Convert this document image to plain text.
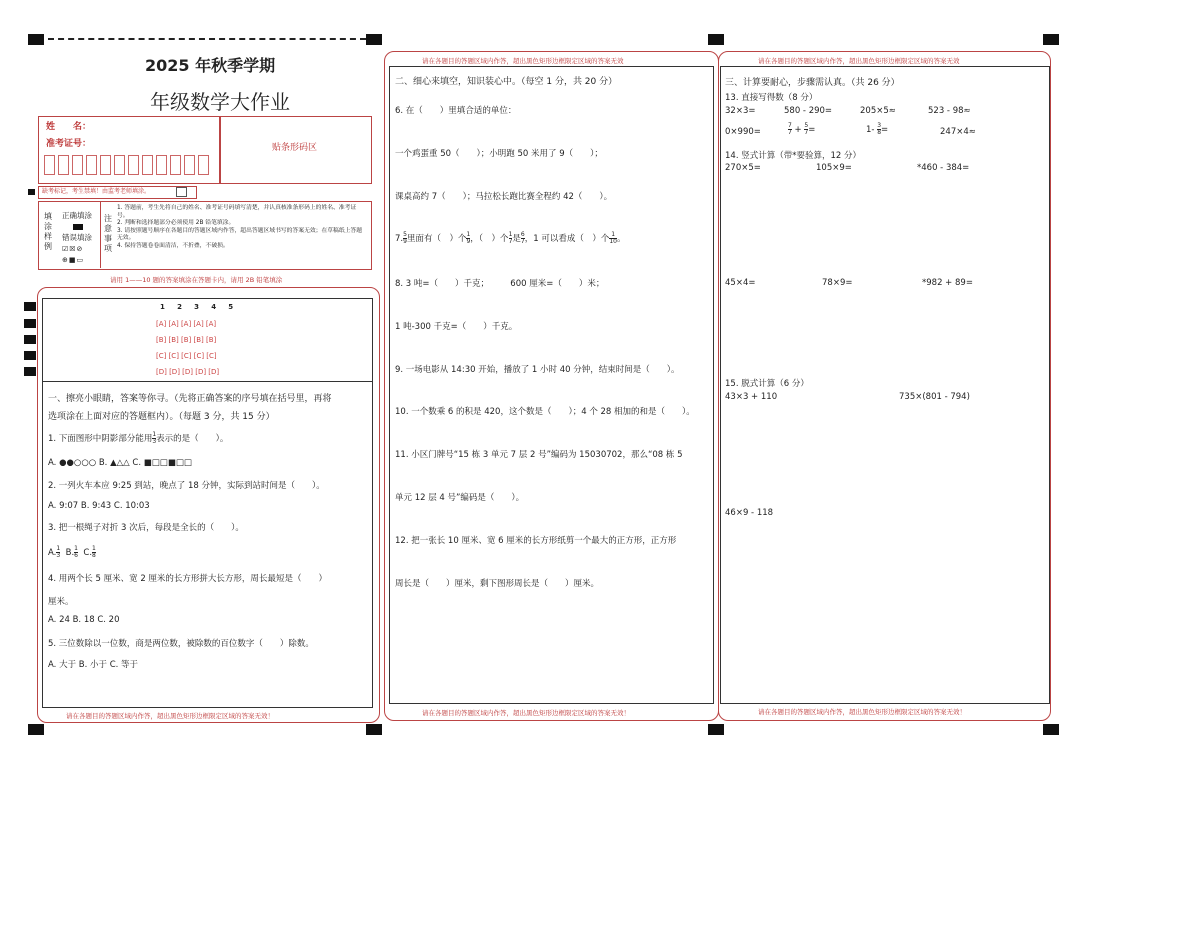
2025 年秋季学期
年级数学大作业
姓　　名：
准考证号：	贴条形码区
缺考标记，考生禁填！由监考老师填涂。
填
涂
样
例
正确填涂
错误填涂
☑☒⊘
⊕■▭
注
意
事
项
1. 答题前，考生先将自己的姓名、准考证号码填写清楚，并认真核准条形码上的姓名、准考证号。
2. 判断和选择题部分必须使用 2B 铅笔填涂。
3. 请按照题号顺序在各题目的答题区域内作答，超出答题区域书写的答案无效；在草稿纸上答题无效。
4. 保持答题卷卷面清洁，不折叠，不破损。
请用 1——10 题的答案填涂在答题卡内，请用 2B 铅笔填涂
1 2 3 4 5
[A] [A] [A] [A] [A]
[B] [B] [B] [B] [B]
[C] [C] [C] [C] [C]
[D] [D] [D] [D] [D]
一、擦亮小眼睛，答案等你寻。（先将正确答案的序号填在括号里，再将
选项涂在上面对应的答题框内）。（每题 3 分，共 15 分）
1. 下面图形中阴影部分能用 $\frac{1}{3}$ 表示的是（　　）。
A. ●●○○○ B. ▲△△ C. ■□□■□□
2. 一列火车本应 9:25 到站，晚点了 18 分钟，实际到站时间是（　　）。
A. 9:07 B. 9:43 C. 10:03
3. 把一根绳子对折 3 次后，每段是全长的（　　）。
A. $\frac{1}{3} B$. $\frac{1}{6} C$. $\frac{1}{8}$
4. 用两个长 5 厘米、宽 2 厘米的长方形拼大长方形，周长最短是（　　）
厘米。
A. 24 B. 18 C. 20
5. 三位数除以一位数，商是两位数，被除数的百位数字（　　）除数。
A. 大于 B. 小于 C. 等于
请在各题目的答题区域内作答，超出黑色矩形边框限定区域的答案无效！
请在各题目的答题区域内作答，超出黑色矩形边框限定区域的答案无效
二、细心来填空，知识装心中。（每空 1 分，共 20 分）
6. 在（　　）里填合适的单位：
一个鸡蛋重 50（　　）；小明跑 50 米用了 9（　　）；
课桌高约 7（　　）；马拉松长跑比赛全程约 42（　　）。
7. $\frac{5}{9}$ 里面有（　）个 $\frac{1}{9}$ ，（　）个 $\frac{1}{7}$ 是 $\frac{6}{7}$ ，1 可以看成（　）个 $\frac{1}{10}$ 。
8. 3 吨=（　　）千克；　　　600 厘米=（　　）米；
1 吨-300 千克=（　　）千克。
9. 一场电影从 14:30 开始，播放了 1 小时 40 分钟，结束时间是（　　）。
10. 一个数乘 6 的积是 420，这个数是（　　）；4 个 28 相加的和是（　　）。
11. 小区门牌号“15 栋 3 单元 7 层 2 号”编码为 15030702，那么“08 栋 5
单元 12 层 4 号”编码是（　　）。
12. 把一张长 10 厘米、宽 6 厘米的长方形纸剪一个最大的正方形，正方形
周长是（　　）厘米，剩下图形周长是（　　）厘米。
请在各题目的答题区域内作答，超出黑色矩形边框限定区域的答案无效！
请在各题目的答题区域内作答，超出黑色矩形边框限定区域的答案无效
三、计算要耐心，步骤需认真。（共 26 分）
13. 直接写得数（8 分）
32×3=	580 - 290=	205×5≈	523 - 98≈
0×990=	$\frac{7}{7} + \frac{5}{7}$ =	$1- \frac{3}{8}$ =	247×4≈
14. 竖式计算（带*要验算，12 分）
270×5=	105×9=	*460 - 384=
45×4=	78×9=	*982 + 89=
15. 脱式计算（6 分）
43×3 + 110	735×(801 - 794)
46×9 - 118
请在各题目的答题区域内作答，超出黑色矩形边框限定区域的答案无效！
